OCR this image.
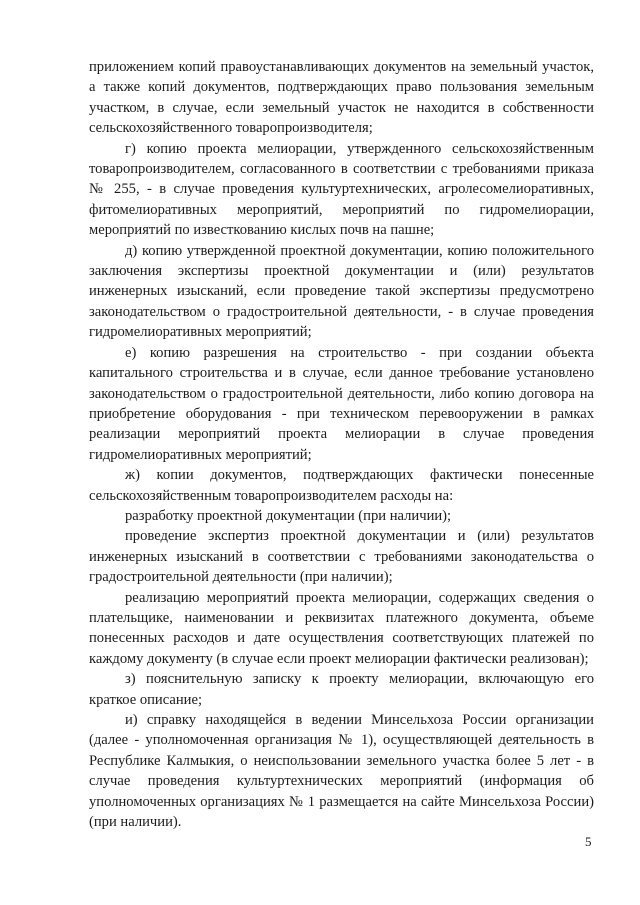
приложением копий правоустанавливающих документов на земельный участок, а также копий документов, подтверждающих право пользования земельным участком, в случае, если земельный участок не находится в собственности сельскохозяйственного товаропроизводителя;

г) копию проекта мелиорации, утвержденного сельскохозяйственным товаропроизводителем, согласованного в соответствии с требованиями приказа № 255, - в случае проведения культуртехнических, агролесомелиоративных, фитомелиоративных мероприятий, мероприятий по гидромелиорации, мероприятий по известкованию кислых почв на пашне;

д) копию утвержденной проектной документации, копию положительного заключения экспертизы проектной документации и (или) результатов инженерных изысканий, если проведение такой экспертизы предусмотрено законодательством о градостроительной деятельности, - в случае проведения гидромелиоративных мероприятий;

е) копию разрешения на строительство - при создании объекта капитального строительства и в случае, если данное требование установлено законодательством о градостроительной деятельности, либо копию договора на приобретение оборудования - при техническом перевооружении в рамках реализации мероприятий проекта мелиорации в случае проведения гидромелиоративных мероприятий;

ж) копии документов, подтверждающих фактически понесенные сельскохозяйственным товаропроизводителем расходы на:

разработку проектной документации (при наличии);

проведение экспертиз проектной документации и (или) результатов инженерных изысканий в соответствии с требованиями законодательства о градостроительной деятельности (при наличии);

реализацию мероприятий проекта мелиорации, содержащих сведения о плательщике, наименовании и реквизитах платежного документа, объеме понесенных расходов и дате осуществления соответствующих платежей по каждому документу (в случае если проект мелиорации фактически реализован);

з) пояснительную записку к проекту мелиорации, включающую его краткое описание;

и) справку находящейся в ведении Минсельхоза России организации (далее - уполномоченная организация № 1), осуществляющей деятельность в Республике Калмыкия, о неиспользовании земельного участка более 5 лет - в случае проведения культуртехнических мероприятий (информация об уполномоченных организациях № 1 размещается на сайте Минсельхоза России) (при наличии).

5
